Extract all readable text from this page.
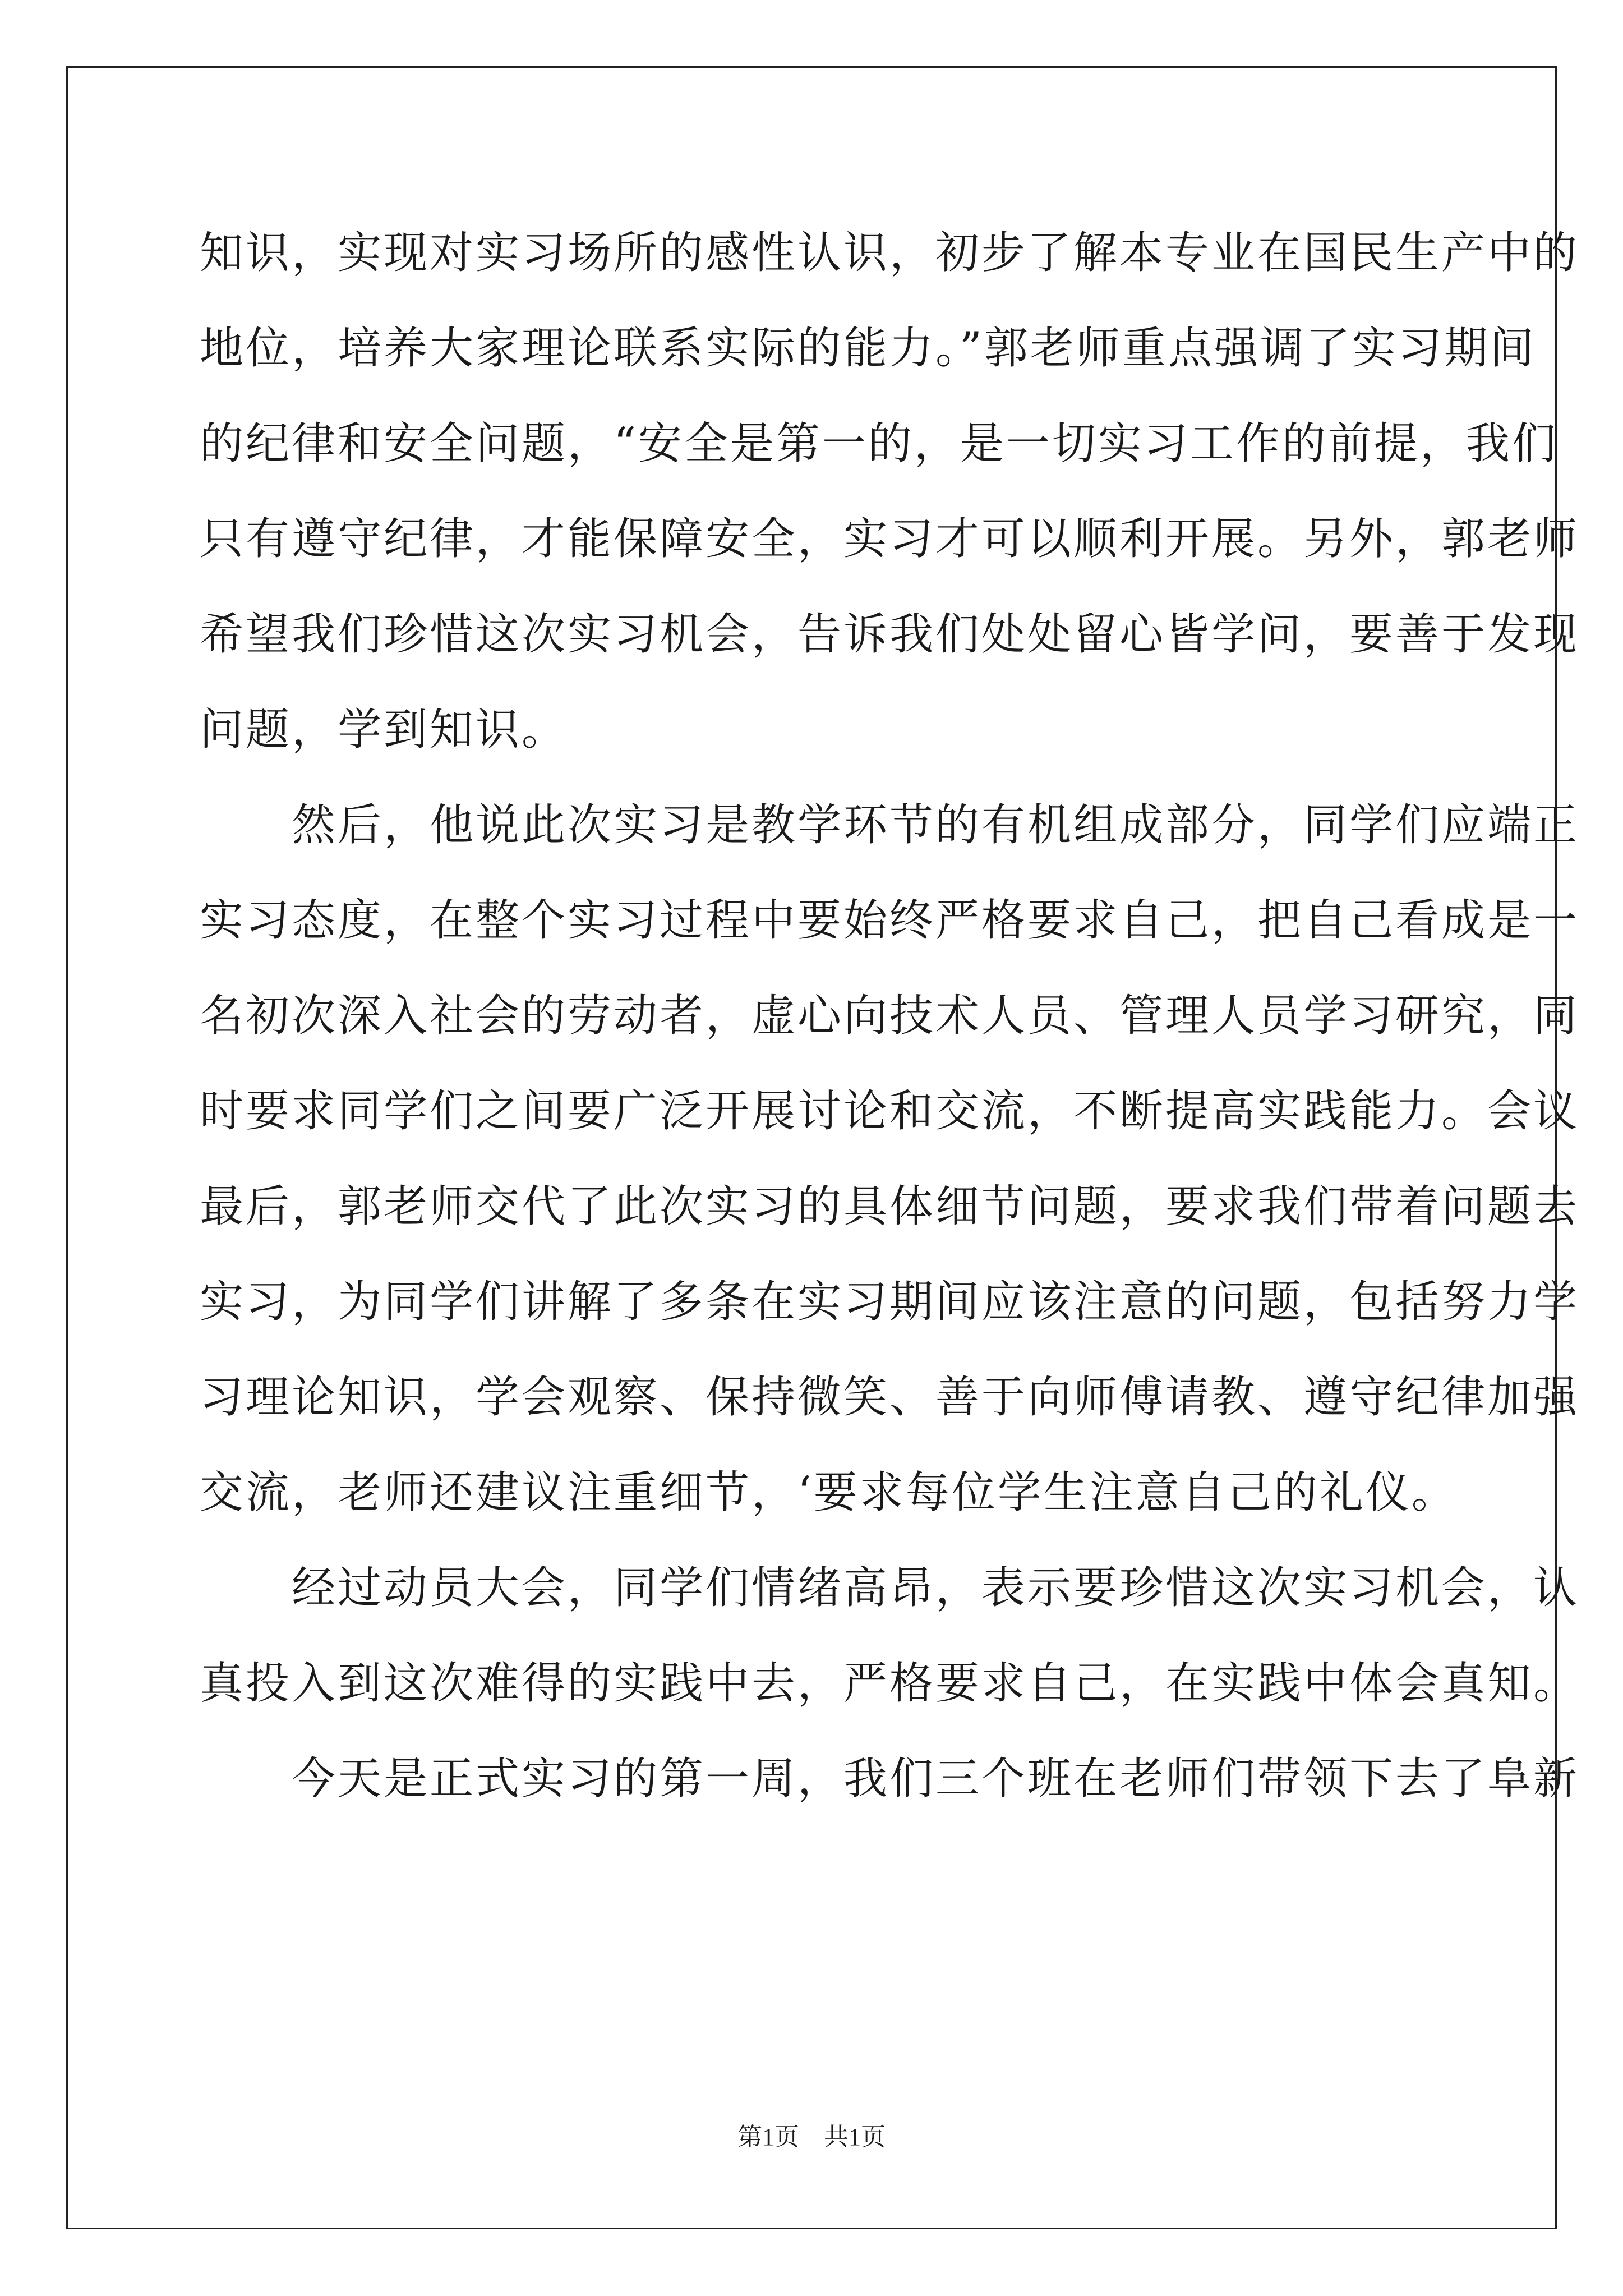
知识，实现对实习场所的感性认识，初步了解本专业在国民生产中的
地位，培养大家理论联系实际的能力。”郭老师重点强调了实习期间
的纪律和安全问题，“安全是第一的，是一切实习工作的前提，我们
只有遵守纪律，才能保障安全，实习才可以顺利开展。另外，郭老师
希望我们珍惜这次实习机会，告诉我们处处留心皆学问，要善于发现
问题，学到知识。
　　然后，他说此次实习是教学环节的有机组成部分，同学们应端正
实习态度，在整个实习过程中要始终严格要求自己，把自己看成是一
名初次深入社会的劳动者，虚心向技术人员、管理人员学习研究，同
时要求同学们之间要广泛开展讨论和交流，不断提高实践能力。会议
最后，郭老师交代了此次实习的具体细节问题，要求我们带着问题去
实习，为同学们讲解了多条在实习期间应该注意的问题，包括努力学
习理论知识，学会观察、保持微笑、善于向师傅请教、遵守纪律加强
交流，老师还建议注重细节，‘要求每位学生注意自己的礼仪。
　　经过动员大会，同学们情绪高昂，表示要珍惜这次实习机会，认
真投入到这次难得的实践中去，严格要求自己，在实践中体会真知。
　　今天是正式实习的第一周，我们三个班在老师们带领下去了阜新
第1页　共1页
